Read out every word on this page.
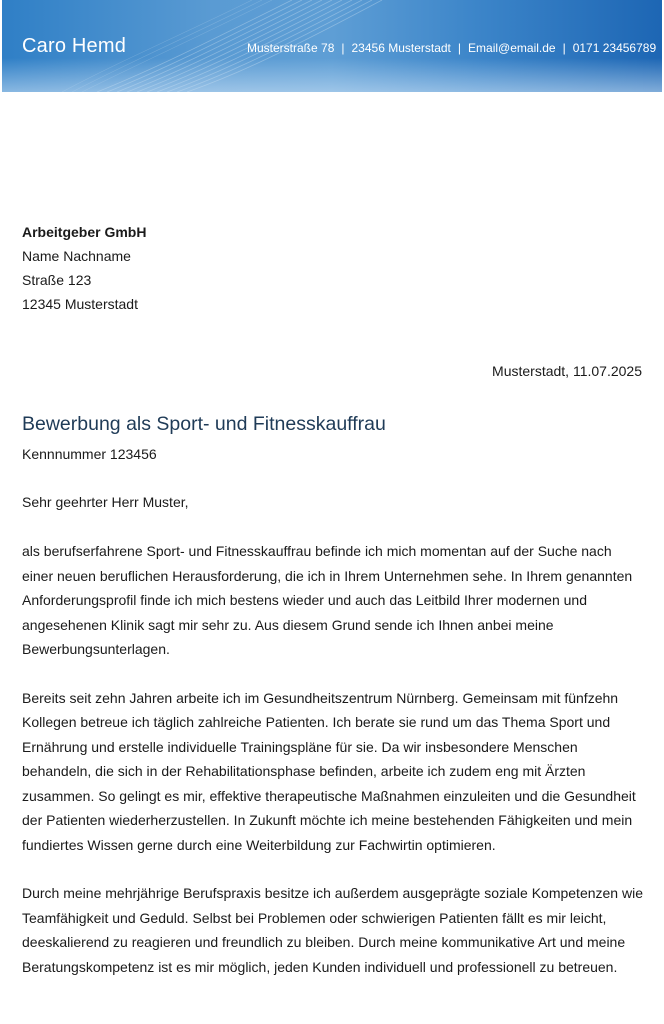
Caro Hemd	Musterstraße 78 | 23456 Musterstadt | Email@email.de | 0171 23456789
Arbeitgeber GmbH
Name Nachname
Straße 123
12345 Musterstadt
Musterstadt, 11.07.2025
Bewerbung als Sport- und Fitnesskauffrau
Kennnummer 123456
Sehr geehrter Herr Muster,

als berufserfahrene Sport- und Fitnesskauffrau befinde ich mich momentan auf der Suche nach einer neuen beruflichen Herausforderung, die ich in Ihrem Unternehmen sehe. In Ihrem genannten Anforderungsprofil finde ich mich bestens wieder und auch das Leitbild Ihrer modernen und angesehenen Klinik sagt mir sehr zu. Aus diesem Grund sende ich Ihnen anbei meine Bewerbungsunterlagen.

Bereits seit zehn Jahren arbeite ich im Gesundheitszentrum Nürnberg. Gemeinsam mit fünfzehn Kollegen betreue ich täglich zahlreiche Patienten. Ich berate sie rund um das Thema Sport und Ernährung und erstelle individuelle Trainingspläne für sie. Da wir insbesondere Menschen behandeln, die sich in der Rehabilitationsphase befinden, arbeite ich zudem eng mit Ärzten zusammen. So gelingt es mir, effektive therapeutische Maßnahmen einzuleiten und die Gesundheit der Patienten wiederherzustellen. In Zukunft möchte ich meine bestehenden Fähigkeiten und mein fundiertes Wissen gerne durch eine Weiterbildung zur Fachwirtin optimieren.

Durch meine mehrjährige Berufspraxis besitze ich außerdem ausgeprägte soziale Kompetenzen wie Teamfähigkeit und Geduld. Selbst bei Problemen oder schwierigen Patienten fällt es mir leicht, deeskalierend zu reagieren und freundlich zu bleiben. Durch meine kommunikative Art und meine Beratungskompetenz ist es mir möglich, jeden Kunden individuell und professionell zu betreuen.
